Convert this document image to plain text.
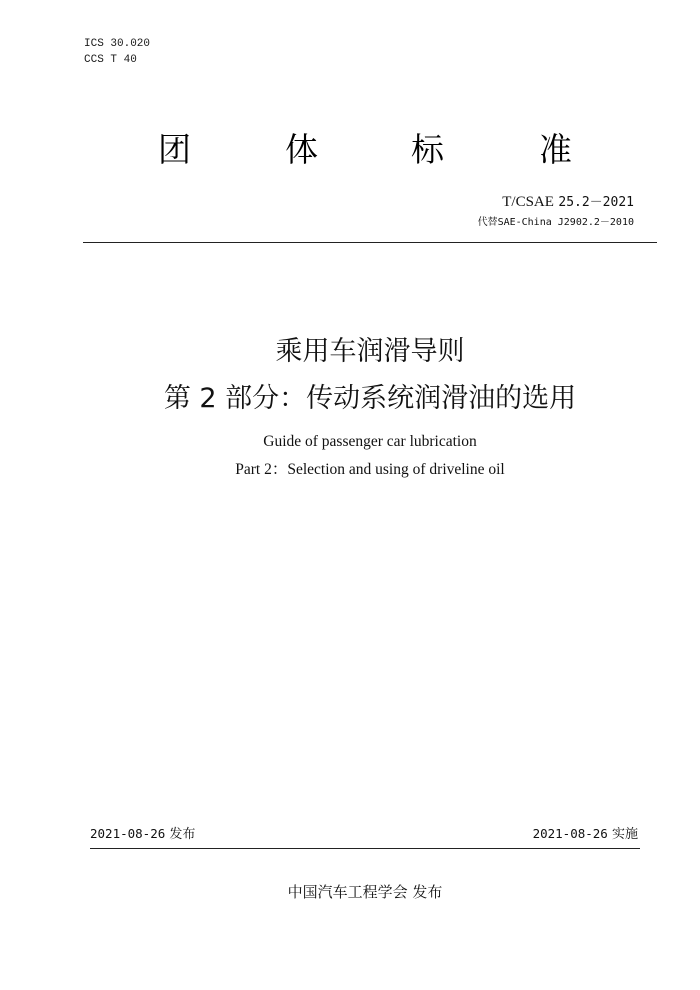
ICS 30.020
CCS T 40
团	体	标	准
T/CSAE 25.2－2021
代替SAE-China J2902.2－2010
乘用车润滑导则
第 2 部分：传动系统润滑油的选用
Guide of passenger car lubrication
Part 2：Selection and using of driveline oil
2021-08-26 发布	2021-08-26 实施
中国汽车工程学会 发布
